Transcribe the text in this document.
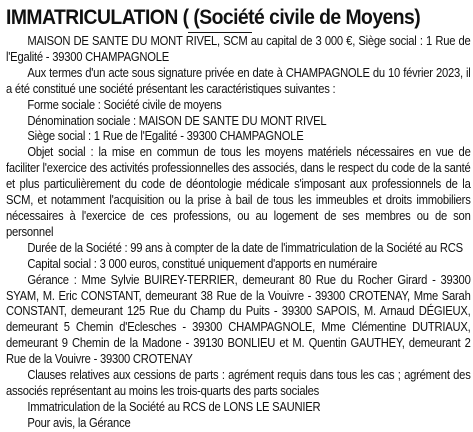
IMMATRICULATION ( (Société civile de Moyens)

MAISON DE SANTE DU MONT RIVEL, SCM au capital de 3 000 €, Siège social : 1 Rue de l'Egalité - 39300 CHAMPAGNOLE

Aux termes d'un acte sous signature privée en date à CHAMPAGNOLE du 10 février 2023, il a été constitué une société présentant les caractéristiques suivantes :

Forme sociale : Société civile de moyens

Dénomination sociale : MAISON DE SANTE DU MONT RIVEL

Siège social : 1 Rue de l'Egalité - 39300 CHAMPAGNOLE

Objet social : la mise en commun de tous les moyens matériels nécessaires en vue de faciliter l'exercice des activités professionnelles des associés, dans le respect du code de la santé et plus particulièrement du code de déontologie médicale s'imposant aux professionnels de la SCM, et notamment l'acquisition ou la prise à bail de tous les immeubles et droits immobiliers nécessaires à l'exercice de ces professions, ou au logement de ses membres ou de son personnel

Durée de la Société : 99 ans à compter de la date de l'immatriculation de la Société au RCS

Capital social : 3 000 euros, constitué uniquement d'apports en numéraire

Gérance : Mme Sylvie BUIREY-TERRIER, demeurant 80 Rue du Rocher Girard - 39300 SYAM, M. Eric CONSTANT, demeurant 38 Rue de la Vouivre - 39300 CROTENAY, Mme Sarah CONSTANT, demeurant 125 Rue du Champ du Puits - 39300 SAPOIS, M. Arnaud DÉGIEUX, demeurant 5 Chemin d'Eclesches - 39300 CHAMPAGNOLE, Mme Clémentine DUTRIAUX, demeurant 9 Chemin de la Madone - 39130 BONLIEU et M. Quentin GAUTHEY, demeurant 2 Rue de la Vouivre - 39300 CROTENAY

Clauses relatives aux cessions de parts : agrément requis dans tous les cas ; agrément des associés représentant au moins les trois-quarts des parts sociales

Immatriculation de la Société au RCS de LONS LE SAUNIER

Pour avis, la Gérance
